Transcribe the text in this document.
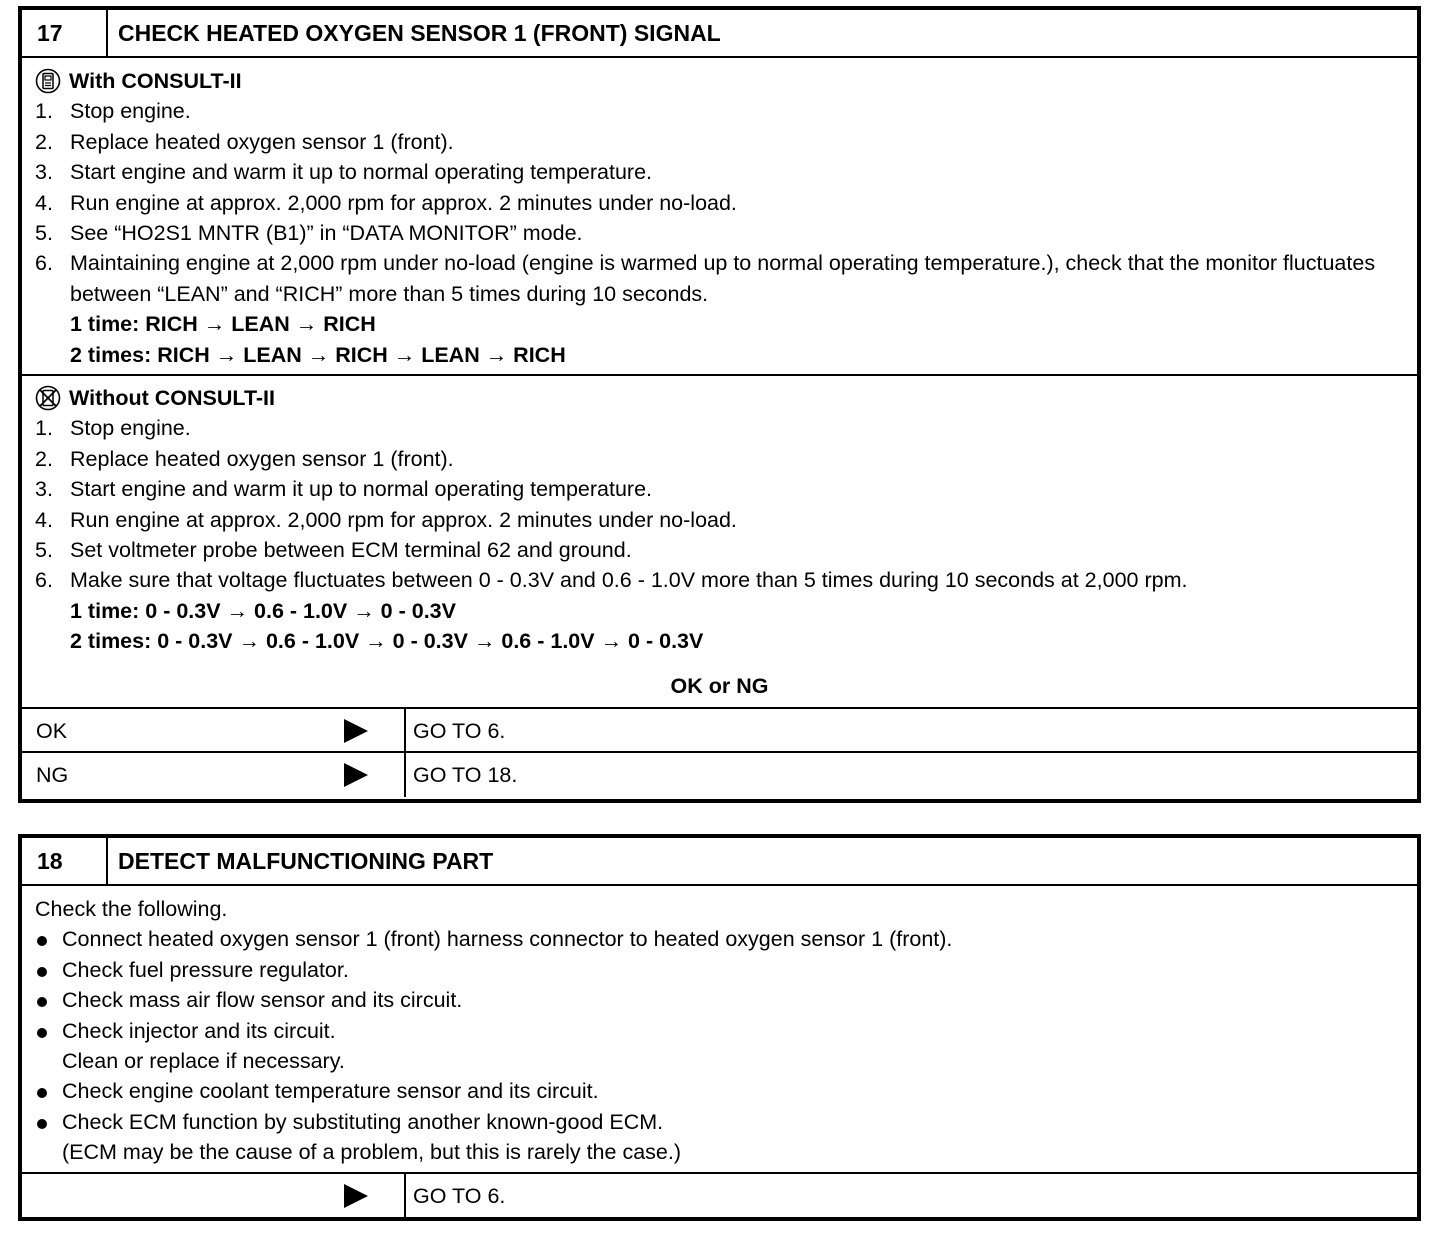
17	CHECK HEATED OXYGEN SENSOR 1 (FRONT) SIGNAL
With CONSULT-II
1. Stop engine.
2. Replace heated oxygen sensor 1 (front).
3. Start engine and warm it up to normal operating temperature.
4. Run engine at approx. 2,000 rpm for approx. 2 minutes under no-load.
5. See “HO2S1 MNTR (B1)” in “DATA MONITOR” mode.
6. Maintaining engine at 2,000 rpm under no-load (engine is warmed up to normal operating temperature.), check that the monitor fluctuates between “LEAN” and “RICH” more than 5 times during 10 seconds.
1 time: RICH → LEAN → RICH
2 times: RICH → LEAN → RICH → LEAN → RICH
Without CONSULT-II
1. Stop engine.
2. Replace heated oxygen sensor 1 (front).
3. Start engine and warm it up to normal operating temperature.
4. Run engine at approx. 2,000 rpm for approx. 2 minutes under no-load.
5. Set voltmeter probe between ECM terminal 62 and ground.
6. Make sure that voltage fluctuates between 0 - 0.3V and 0.6 - 1.0V more than 5 times during 10 seconds at 2,000 rpm.
1 time: 0 - 0.3V → 0.6 - 1.0V → 0 - 0.3V
2 times: 0 - 0.3V → 0.6 - 1.0V → 0 - 0.3V → 0.6 - 1.0V → 0 - 0.3V
OK or NG
OK	GO TO 6.
NG	GO TO 18.
18	DETECT MALFUNCTIONING PART
Check the following.
Connect heated oxygen sensor 1 (front) harness connector to heated oxygen sensor 1 (front).
Check fuel pressure regulator.
Check mass air flow sensor and its circuit.
Check injector and its circuit.
Clean or replace if necessary.
Check engine coolant temperature sensor and its circuit.
Check ECM function by substituting another known-good ECM.
(ECM may be the cause of a problem, but this is rarely the case.)
GO TO 6.
